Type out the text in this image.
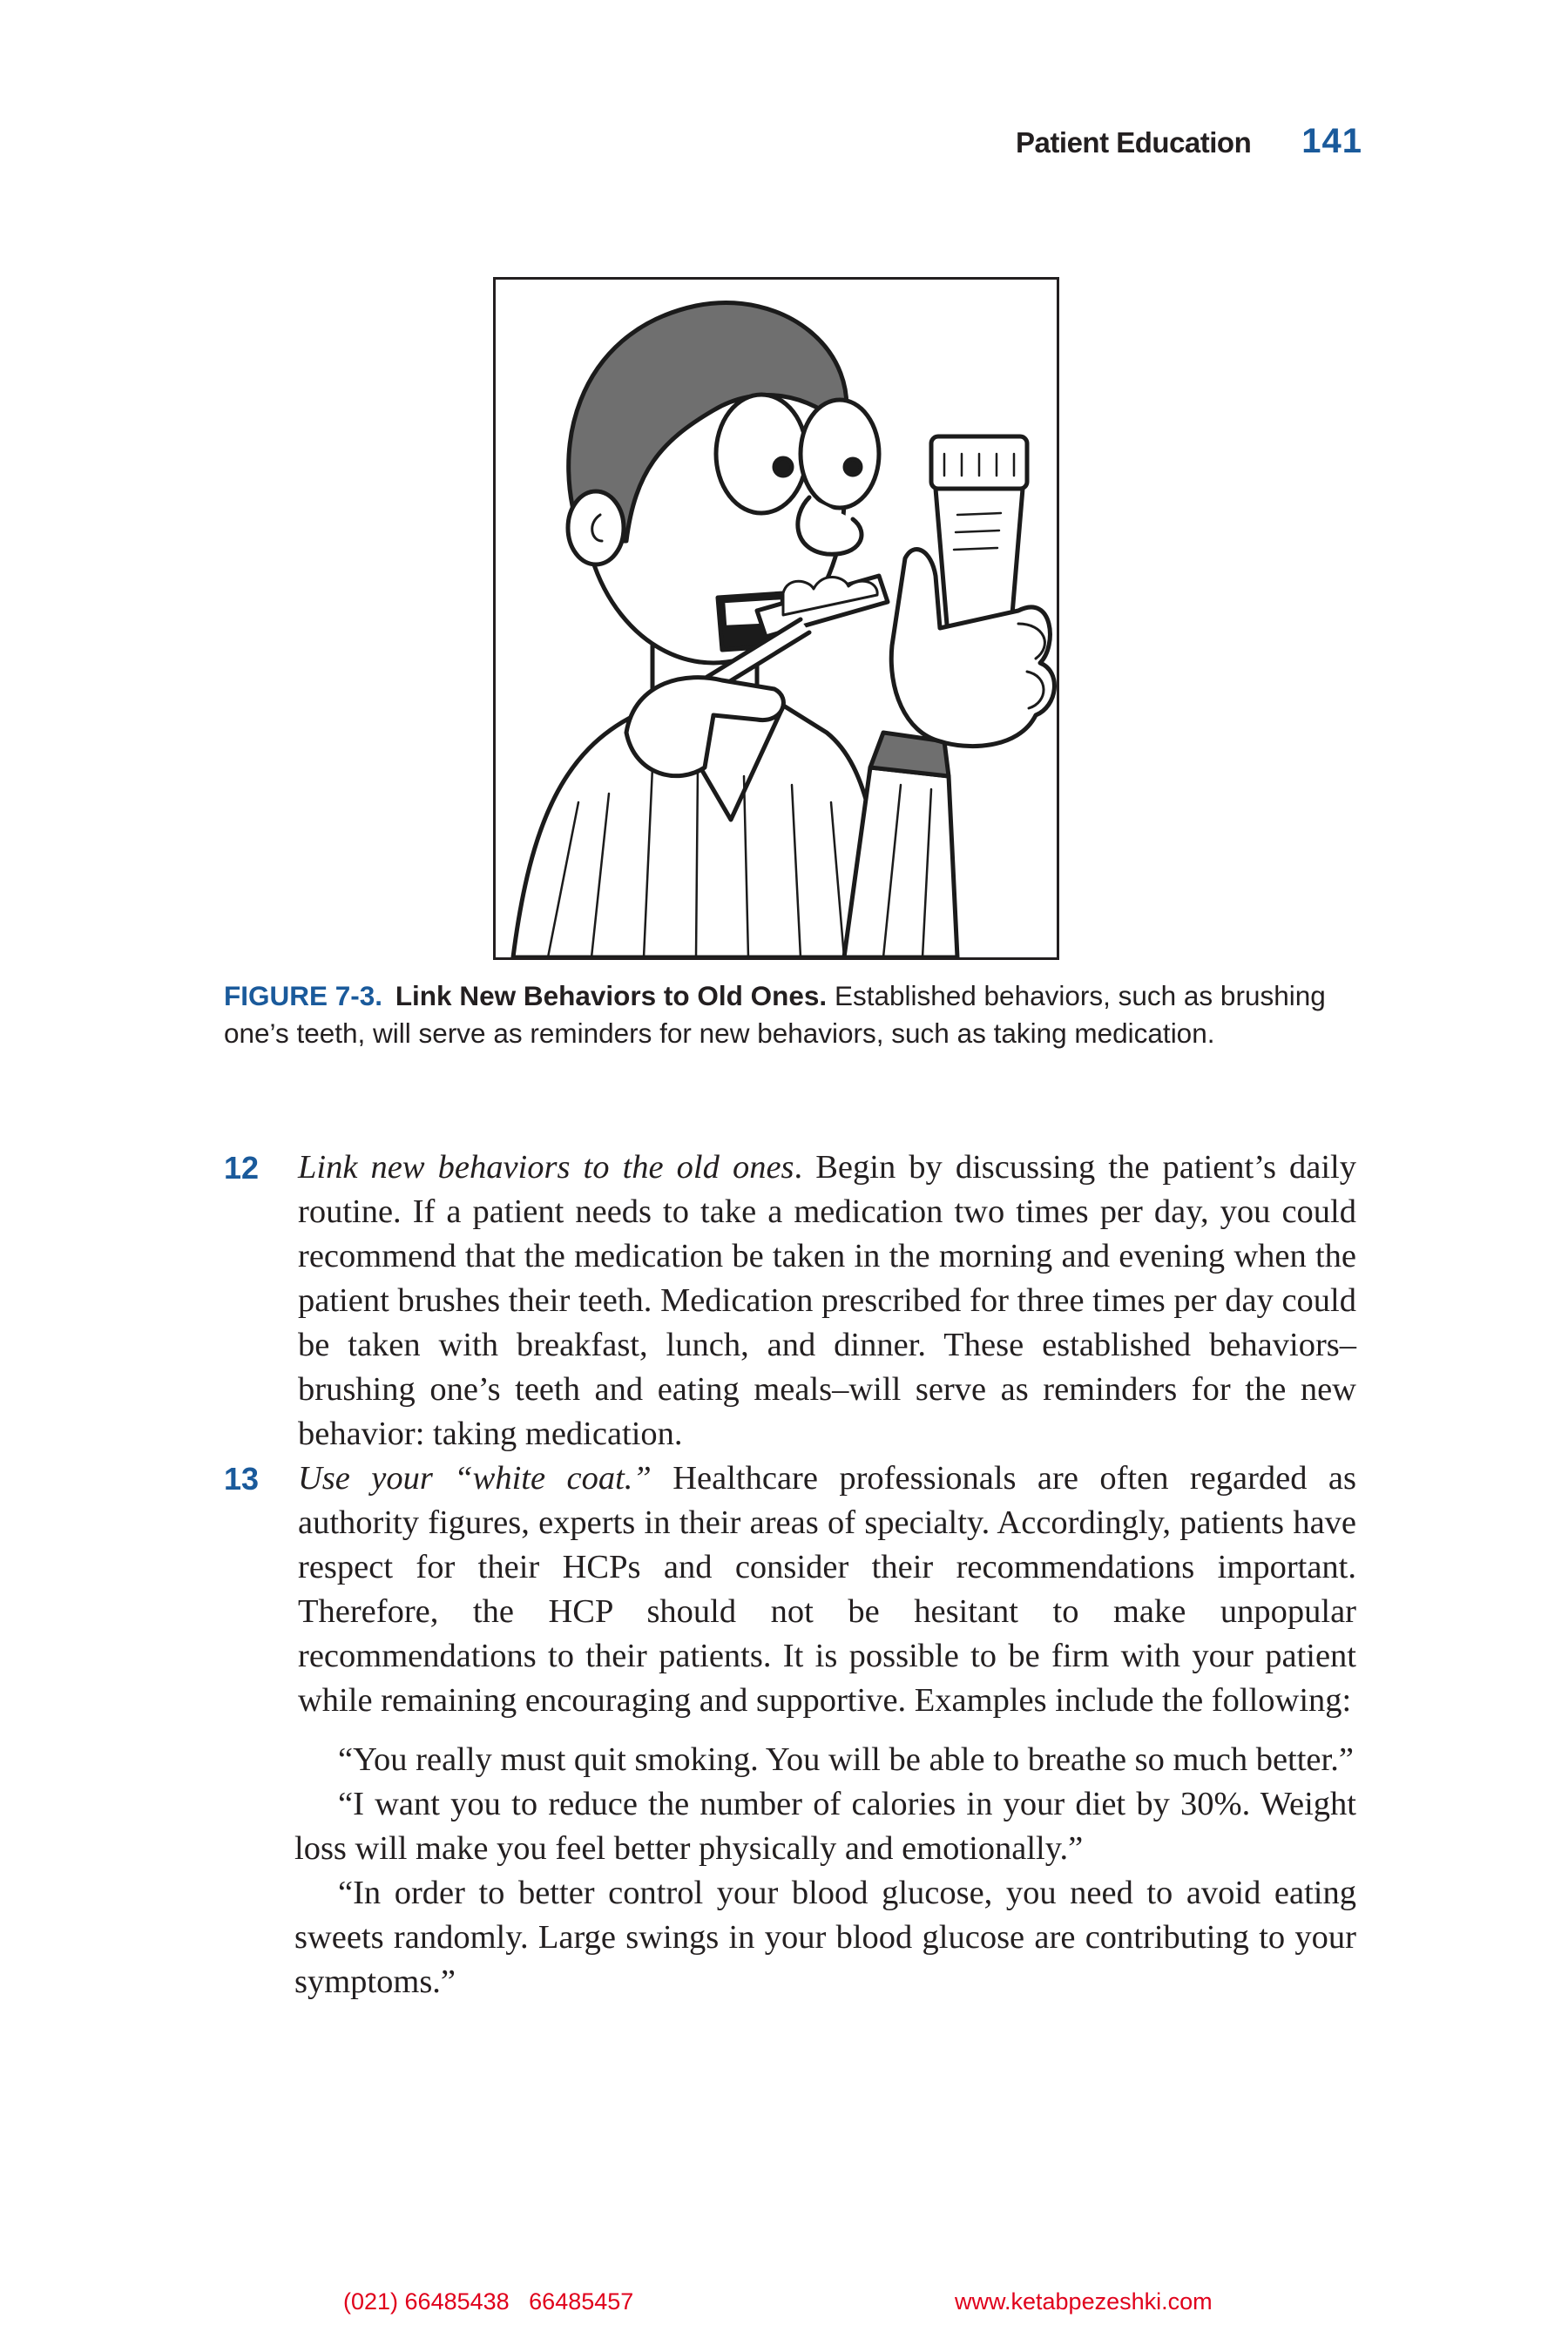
Patient Education 141
FIGURE 7-3. Link New Behaviors to Old Ones. Established behaviors, such as brushing one’s teeth, will serve as reminders for new behaviors, such as taking medication.
12	Link new behaviors to the old ones. Begin by discussing the patient’s daily routine. If a patient needs to take a medication two times per day, you could recommend that the medication be taken in the morning and evening when the patient brushes their teeth. Medication prescribed for three times per day could be taken with breakfast, lunch, and dinner. These established behaviors– brushing one’s teeth and eating meals–will serve as reminders for the new behavior: taking medication.
13	Use your “white coat.” Healthcare professionals are often regarded as authority figures, experts in their areas of specialty. Accordingly, patients have respect for their HCPs and consider their recommendations important. Therefore, the HCP should not be hesitant to make unpopular recommendations to their patients. It is possible to be firm with your patient while remaining encouraging and supportive. Examples include the following:
“You really must quit smoking. You will be able to breathe so much better.”
“I want you to reduce the number of calories in your diet by 30%. Weight loss will make you feel better physically and emotionally.”
“In order to better control your blood glucose, you need to avoid eating sweets randomly. Large swings in your blood glucose are contributing to your symptoms.”
(021) 66485438   66485457	www.ketabpezeshki.com
